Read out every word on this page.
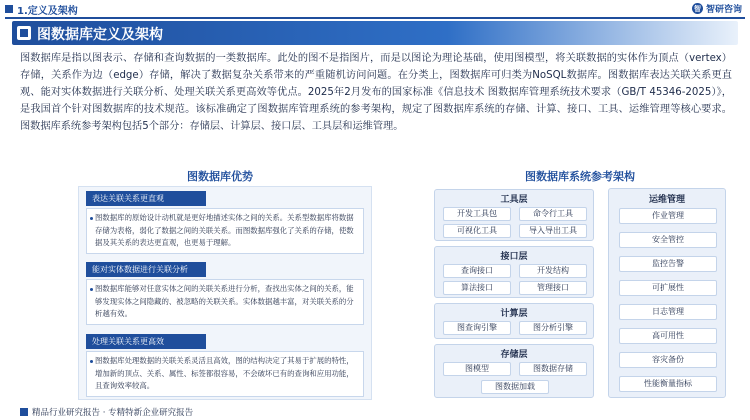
1.定义及架构	智 智研咨询
图数据库定义及架构

图数据库是指以图表示、存储和查询数据的一类数据库。此处的图不是指图片，而是以图论为理论基础，使用图模型，将关联数据的实体作为顶点（vertex）存储，关系作为边（edge）存储，解决了数据复杂关系带来的严重随机访问问题。在分类上，图数据库可归类为NoSQL数据库。图数据库表达关联关系更直观、能对实体数据进行关联分析、处理关联关系更高效等优点。2025年2月发布的国家标准《信息技术 图数据库管理系统技术要求（GB/T 45346-2025）》，是我国首个针对图数据库的技术规范。该标准确定了图数据库管理系统的参考架构，规定了图数据库系统的存储、计算、接口、工具、运维管理等核心要求。图数据库系统参考架构包括5个部分：存储层、计算层、接口层、工具层和运维管理。

图数据库优势
表达关联关系更直观
图数据库的原始设计动机就是更好地描述实体之间的关系。关系型数据库将数据存储为表格，弱化了数据之间的关联关系。而图数据库强化了关系的存储，使数据及其关系的表达更直观，也更易于理解。
能对实体数据进行关联分析
图数据库能够对任意实体之间的关联关系进行分析，查找出实体之间的关系，能够发现实体之间隐藏的、被忽略的关联关系。实体数据越丰富，对关联关系的分析越有效。
处理关联关系更高效
图数据库处理数据的关联关系灵活且高效，图的结构决定了其易于扩展的特性，增加新的顶点、关系、属性、标签都很容易，不会破坏已有的查询和应用功能，且查询效率较高。
图数据库系统参考架构
工具层
开发工具包	命令行工具
可视化工具	导入导出工具
接口层
查询接口	开发结构
算法接口	管理接口
计算层
图查询引擎	图分析引擎
存储层
图模型	图数据存储
图数据加载
运维管理
作业管理
安全管控
监控告警
可扩展性
日志管理
高可用性
容灾备份
性能衡量指标
精品行业研究报告 · 专精特新企业研究报告
